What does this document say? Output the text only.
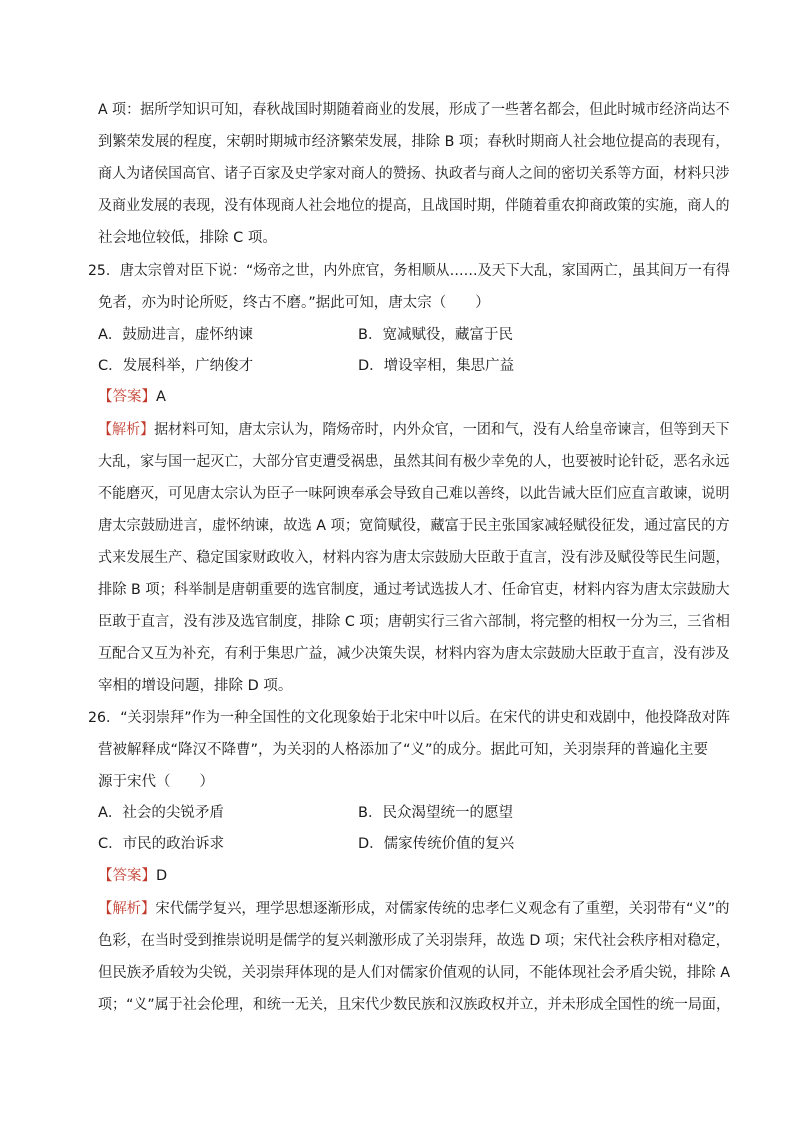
A 项：据所学知识可知，春秋战国时期随着商业的发展，形成了一些著名都会，但此时城市经济尚达不
到繁荣发展的程度，宋朝时期城市经济繁荣发展，排除 B 项；春秋时期商人社会地位提高的表现有，
商人为诸侯国高官、诸子百家及史学家对商人的赞扬、执政者与商人之间的密切关系等方面，材料只涉
及商业发展的表现，没有体现商人社会地位的提高，且战国时期，伴随着重农抑商政策的实施，商人的
社会地位较低，排除 C 项。
25．唐太宗曾对臣下说：“炀帝之世，内外庶官，务相顺从……及天下大乱，家国两亡，虽其间万一有得
免者，亦为时论所贬，终古不磨。”据此可知，唐太宗（　　）
A．鼓励进言，虚怀纳谏	B．宽减赋役，藏富于民
C．发展科举，广纳俊才	D．增设宰相，集思广益
【答案】A
【解析】据材料可知，唐太宗认为，隋炀帝时，内外众官，一团和气，没有人给皇帝谏言，但等到天下
大乱，家与国一起灭亡，大部分官吏遭受祸患，虽然其间有极少幸免的人，也要被时论针砭，恶名永远
不能磨灭，可见唐太宗认为臣子一味阿谀奉承会导致自己难以善终，以此告诫大臣们应直言敢谏，说明
唐太宗鼓励进言，虚怀纳谏，故选 A 项；宽简赋役，藏富于民主张国家减轻赋役征发，通过富民的方
式来发展生产、稳定国家财政收入，材料内容为唐太宗鼓励大臣敢于直言，没有涉及赋役等民生问题，
排除 B 项；科举制是唐朝重要的选官制度，通过考试选拔人才、任命官吏，材料内容为唐太宗鼓励大
臣敢于直言，没有涉及选官制度，排除 C 项；唐朝实行三省六部制，将完整的相权一分为三，三省相
互配合又互为补充，有利于集思广益，减少决策失误，材料内容为唐太宗鼓励大臣敢于直言，没有涉及
宰相的增设问题，排除 D 项。
26．“关羽崇拜”作为一种全国性的文化现象始于北宋中叶以后。在宋代的讲史和戏剧中，他投降敌对阵
营被解释成“降汉不降曹”，为关羽的人格添加了“义”的成分。据此可知，关羽崇拜的普遍化主要
源于宋代（　　）
A．社会的尖锐矛盾	B．民众渴望统一的愿望
C．市民的政治诉求	D．儒家传统价值的复兴
【答案】D
【解析】宋代儒学复兴，理学思想逐渐形成，对儒家传统的忠孝仁义观念有了重塑，关羽带有“义”的
色彩，在当时受到推崇说明是儒学的复兴刺激形成了关羽崇拜，故选 D 项；宋代社会秩序相对稳定，
但民族矛盾较为尖锐，关羽崇拜体现的是人们对儒家价值观的认同，不能体现社会矛盾尖锐，排除 A
项；“义”属于社会伦理，和统一无关，且宋代少数民族和汉族政权并立，并未形成全国性的统一局面，
